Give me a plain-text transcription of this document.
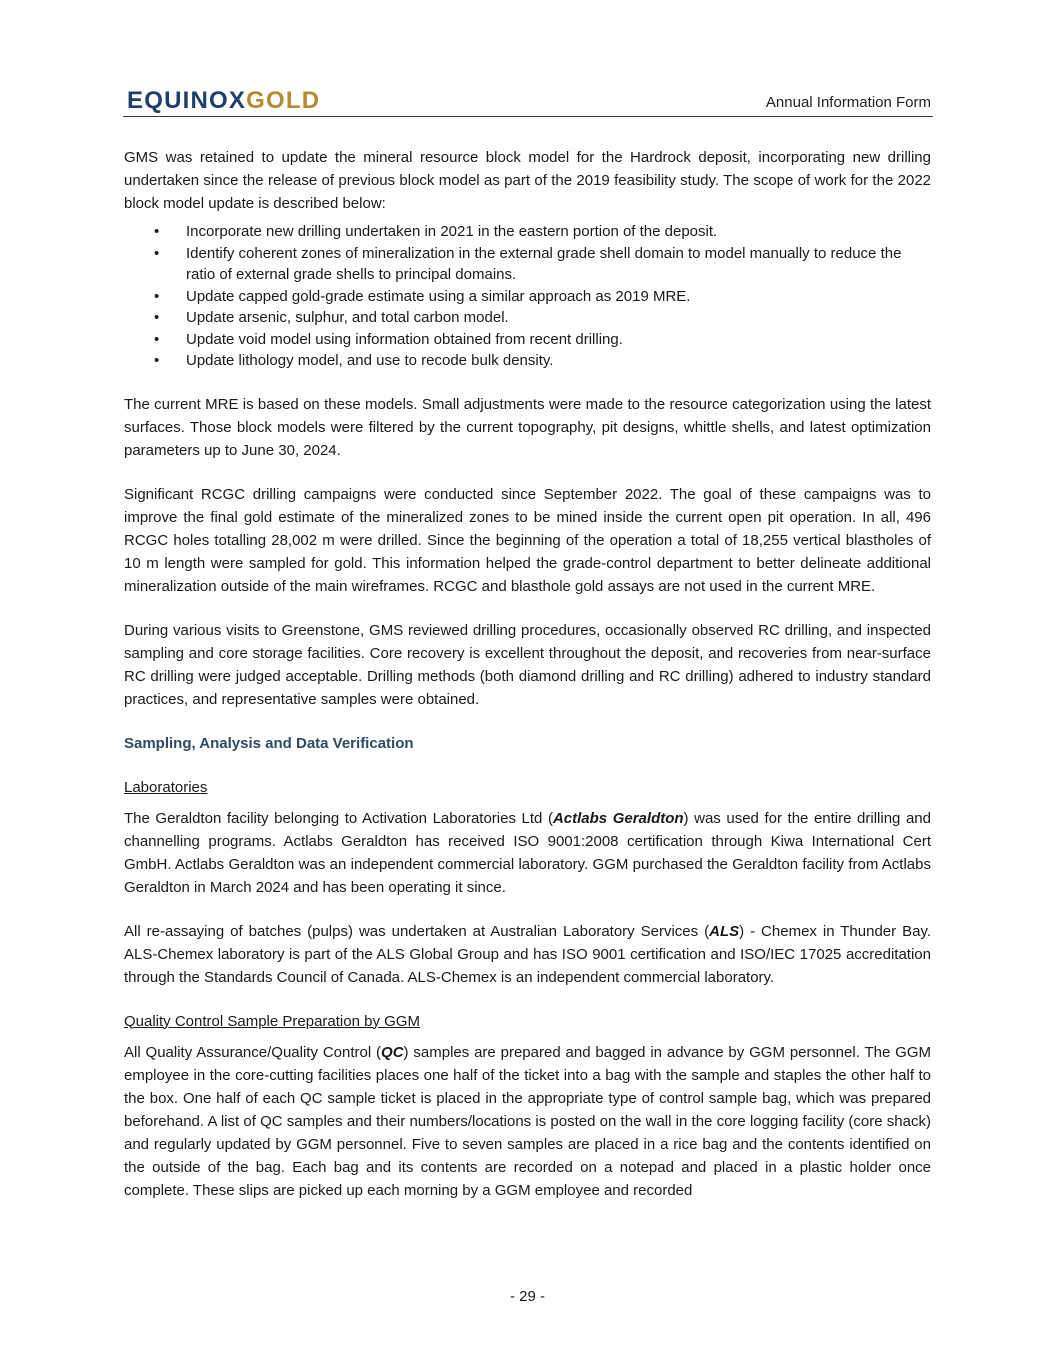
EQUINOXGOLD	Annual Information Form

GMS was retained to update the mineral resource block model for the Hardrock deposit, incorporating new drilling undertaken since the release of previous block model as part of the 2019 feasibility study. The scope of work for the 2022 block model update is described below:

• Incorporate new drilling undertaken in 2021 in the eastern portion of the deposit.
• Identify coherent zones of mineralization in the external grade shell domain to model manually to reduce the ratio of external grade shells to principal domains.
• Update capped gold-grade estimate using a similar approach as 2019 MRE.
• Update arsenic, sulphur, and total carbon model.
• Update void model using information obtained from recent drilling.
• Update lithology model, and use to recode bulk density.

The current MRE is based on these models. Small adjustments were made to the resource categorization using the latest surfaces. Those block models were filtered by the current topography, pit designs, whittle shells, and latest optimization parameters up to June 30, 2024.

Significant RCGC drilling campaigns were conducted since September 2022. The goal of these campaigns was to improve the final gold estimate of the mineralized zones to be mined inside the current open pit operation. In all, 496 RCGC holes totalling 28,002 m were drilled. Since the beginning of the operation a total of 18,255 vertical blastholes of 10 m length were sampled for gold. This information helped the grade-control department to better delineate additional mineralization outside of the main wireframes. RCGC and blasthole gold assays are not used in the current MRE.

During various visits to Greenstone, GMS reviewed drilling procedures, occasionally observed RC drilling, and inspected sampling and core storage facilities. Core recovery is excellent throughout the deposit, and recoveries from near-surface RC drilling were judged acceptable. Drilling methods (both diamond drilling and RC drilling) adhered to industry standard practices, and representative samples were obtained.

Sampling, Analysis and Data Verification
Laboratories

The Geraldton facility belonging to Activation Laboratories Ltd (Actlabs Geraldton) was used for the entire drilling and channelling programs. Actlabs Geraldton has received ISO 9001:2008 certification through Kiwa International Cert GmbH. Actlabs Geraldton was an independent commercial laboratory. GGM purchased the Geraldton facility from Actlabs Geraldton in March 2024 and has been operating it since.

All re-assaying of batches (pulps) was undertaken at Australian Laboratory Services (ALS) - Chemex in Thunder Bay. ALS-Chemex laboratory is part of the ALS Global Group and has ISO 9001 certification and ISO/IEC 17025 accreditation through the Standards Council of Canada. ALS-Chemex is an independent commercial laboratory.

Quality Control Sample Preparation by GGM

All Quality Assurance/Quality Control (QC) samples are prepared and bagged in advance by GGM personnel. The GGM employee in the core-cutting facilities places one half of the ticket into a bag with the sample and staples the other half to the box. One half of each QC sample ticket is placed in the appropriate type of control sample bag, which was prepared beforehand. A list of QC samples and their numbers/locations is posted on the wall in the core logging facility (core shack) and regularly updated by GGM personnel. Five to seven samples are placed in a rice bag and the contents identified on the outside of the bag. Each bag and its contents are recorded on a notepad and placed in a plastic holder once complete. These slips are picked up each morning by a GGM employee and recorded

- 29 -
